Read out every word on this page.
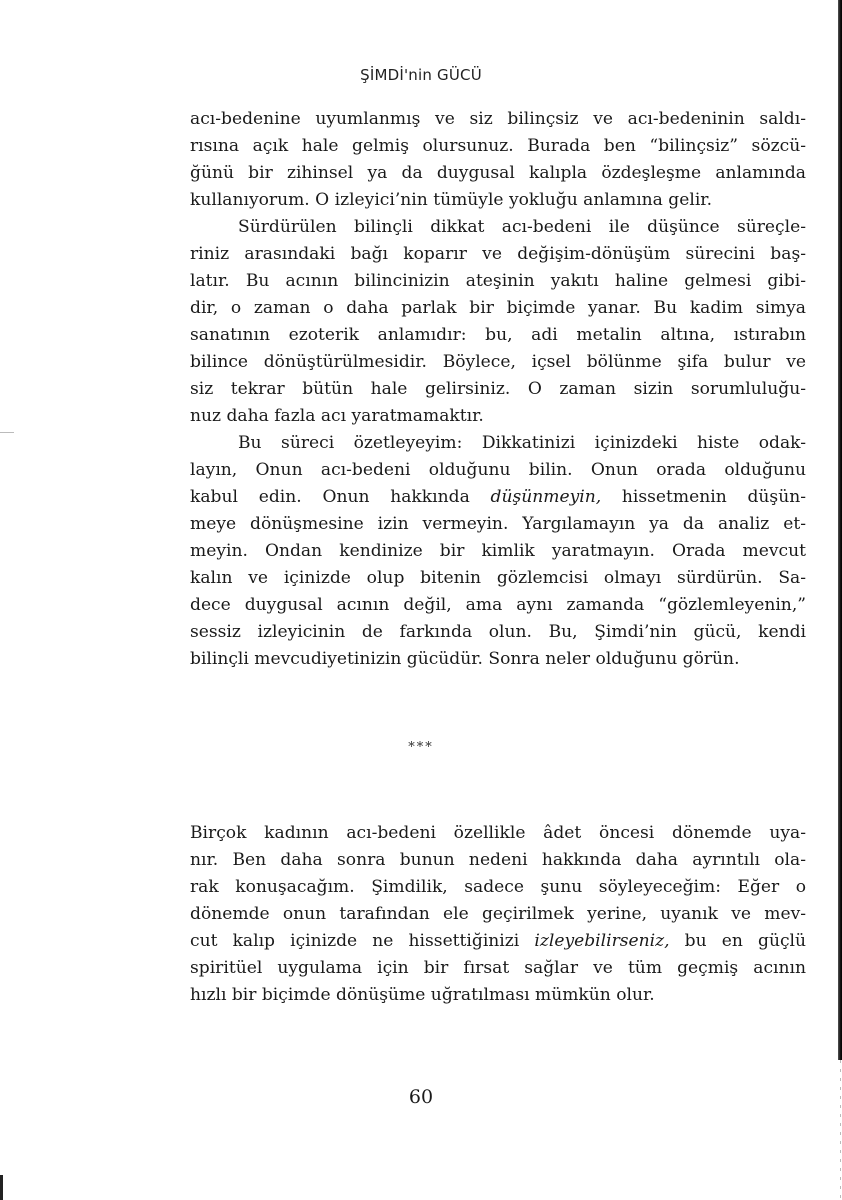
ŞİMDİ'nin GÜCÜ
acı-bedenine uyumlanmış ve siz bilinçsiz ve acı-bedeninin saldı-
rısına açık hale gelmiş olursunuz. Burada ben “bilinçsiz” sözcü-
ğünü bir zihinsel ya da duygusal kalıpla özdeşleşme anlamında
kullanıyorum. O izleyici’nin tümüyle yokluğu anlamına gelir.
Sürdürülen bilinçli dikkat acı-bedeni ile düşünce süreçle-
riniz arasındaki bağı koparır ve değişim-dönüşüm sürecini baş-
latır. Bu acının bilincinizin ateşinin yakıtı haline gelmesi gibi-
dir, o zaman o daha parlak bir biçimde yanar. Bu kadim simya
sanatının ezoterik anlamıdır: bu, adi metalin altına, ıstırabın
bilince dönüştürülmesidir. Böylece, içsel bölünme şifa bulur ve
siz tekrar bütün hale gelirsiniz. O zaman sizin sorumluluğu-
nuz daha fazla acı yaratmamaktır.
Bu süreci özetleyeyim: Dikkatinizi içinizdeki histe odak-
layın, Onun acı-bedeni olduğunu bilin. Onun orada olduğunu
kabul edin. Onun hakkında düşünmeyin, hissetmenin düşün-
meye dönüşmesine izin vermeyin. Yargılamayın ya da analiz et-
meyin. Ondan kendinize bir kimlik yaratmayın. Orada mevcut
kalın ve içinizde olup bitenin gözlemcisi olmayı sürdürün. Sa-
dece duygusal acının değil, ama aynı zamanda “gözlemleyenin,”
sessiz izleyicinin de farkında olun. Bu, Şimdi’nin gücü, kendi
bilinçli mevcudiyetinizin gücüdür. Sonra neler olduğunu görün.
***
Birçok kadının acı-bedeni özellikle âdet öncesi dönemde uya-
nır. Ben daha sonra bunun nedeni hakkında daha ayrıntılı ola-
rak konuşacağım. Şimdilik, sadece şunu söyleyeceğim: Eğer o
dönemde onun tarafından ele geçirilmek yerine, uyanık ve mev-
cut kalıp içinizde ne hissettiğinizi izleyebilirseniz, bu en güçlü
spiritüel uygulama için bir fırsat sağlar ve tüm geçmiş acının
hızlı bir biçimde dönüşüme uğratılması mümkün olur.
60
